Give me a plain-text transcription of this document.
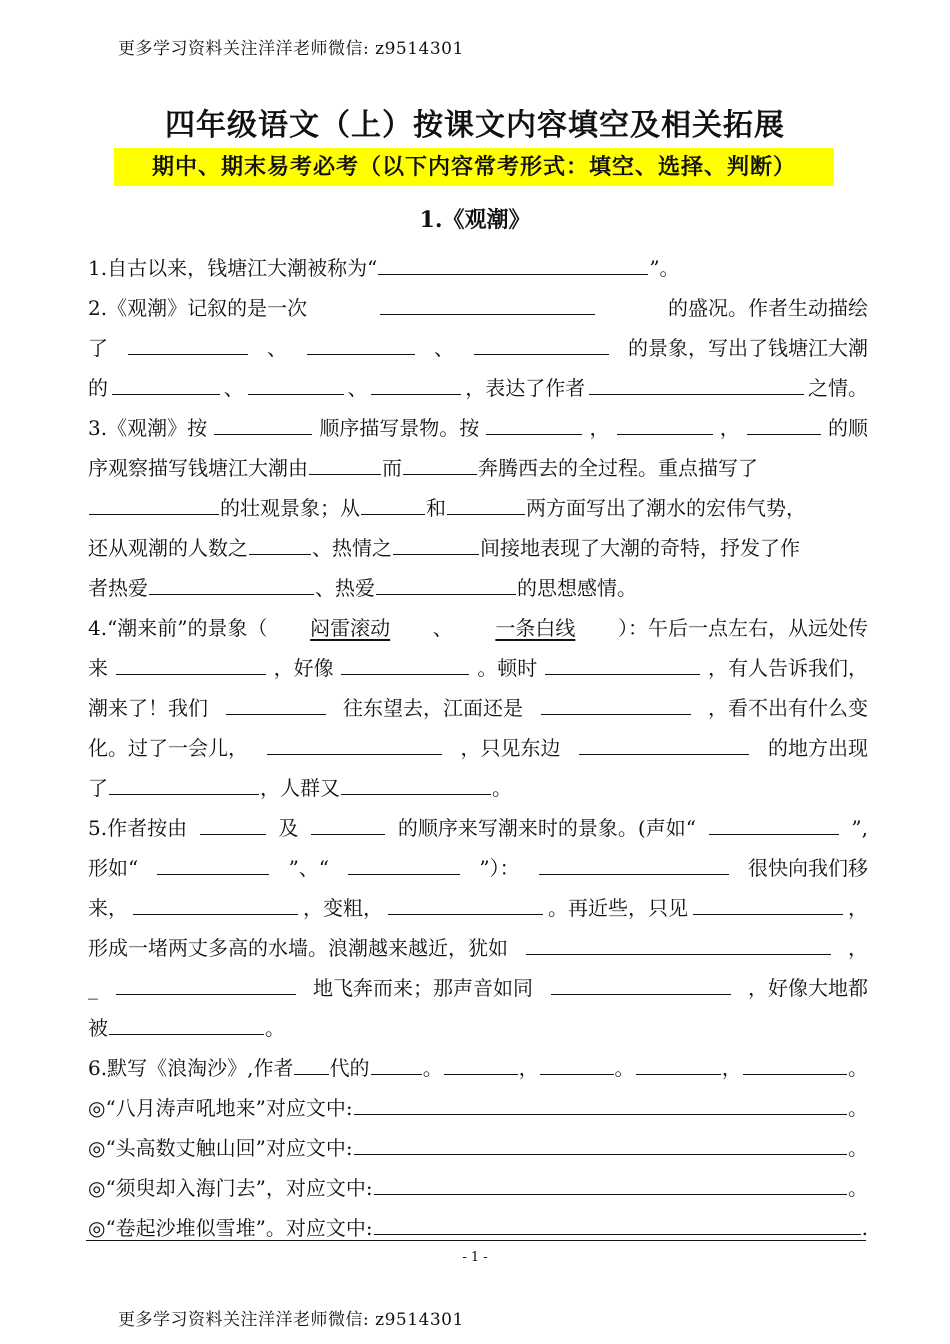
更多学习资料关注洋洋老师微信: z9514301
四年级语文（上）按课文内容填空及相关拓展
期中、期末易考必考（以下内容常考形式：填空、选择、判断）
1.《观潮》
1.自古以来，钱塘江大潮被称为“	”。
2.《观潮》记叙的是一次	的盛况。作者生动描绘
了	、	、	的景象，写出了钱塘江大潮
的	、	、	，表达了作者	之情。
3.《观潮》按	顺序描写景物。按	，	，	的顺
序观察描写钱塘江大潮由	而	奔腾西去的全过程。重点描写了
的壮观景象；从	和	两方面写出了潮水的宏伟气势，
还从观潮的人数之	、热情之	间接地表现了大潮的奇特，抒发了作
者热爱	、热爱	的思想感情。
4.“潮来前”的景象（ 闷雷滚动 、 一条白线 ）：午后一点左右，从远处传
来	，好像	。顿时	，有人告诉我们，
潮来了！我们	往东望去，江面还是	，看不出有什么变
化。过了一会儿，	，只见东边	的地方出现
了	，人群又	。
5.作者按由	及	的顺序来写潮来时的景象。(声如“	”,
形如“	”、“	”）：	很快向我们移
来，	，变粗，	。再近些，只见	，
形成一堵两丈多高的水墙。浪潮越来越近，犹如	，
_	地飞奔而来；那声音如同	，好像大地都
被	。
6.默写《浪淘沙》,作者 代的	。	，	。	，	。
◎“八月涛声吼地来”对应文中:	。
◎“头高数丈触山回”对应文中:	。
◎“须臾却入海门去”，对应文中:	。
◎“卷起沙堆似雪堆”。对应文中:	.
- 1 -
更多学习资料关注洋洋老师微信: z9514301
